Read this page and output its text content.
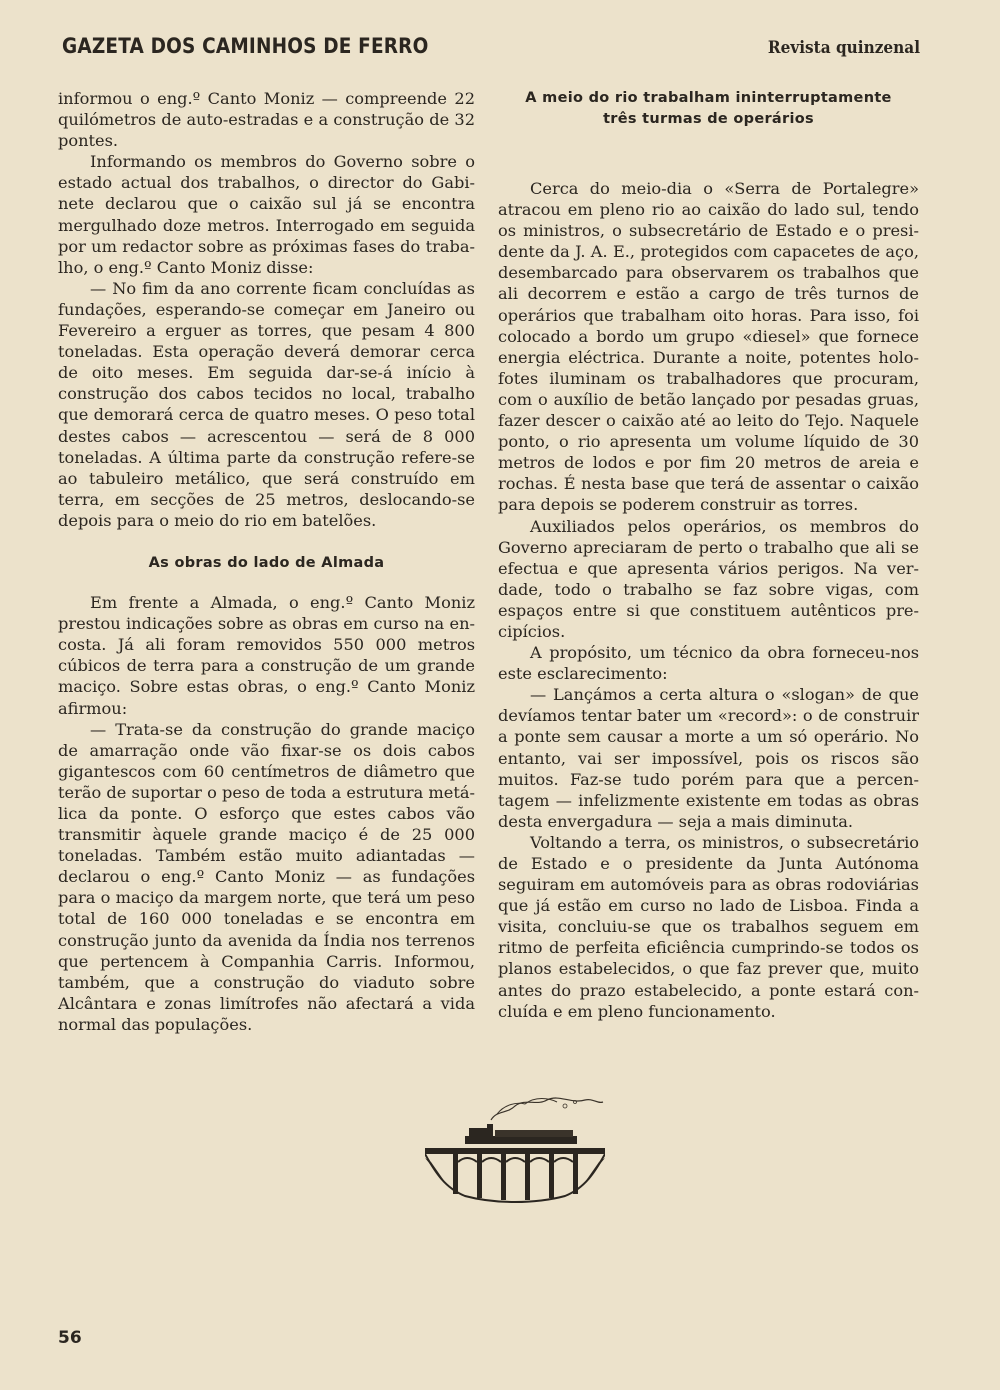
GAZETA DOS CAMINHOS DE FERRO	Revista quinzenal

informou o eng.º Canto Moniz — compreende 22 quilómetros de auto-estradas e a construção de 32 pontes.

Informando os membros do Governo sobre o estado actual dos trabalhos, o director do Gabinete declarou que o caixão sul já se encontra mergulhado doze metros. Interrogado em seguida por um redactor sobre as próximas fases do trabalho, o eng.º Canto Moniz disse:

— No fim da ano corrente ficam concluídas as fundações, esperando-se começar em Janeiro ou Fevereiro a erguer as torres, que pesam 4 800 toneladas. Esta operação deverá demorar cerca de oito meses. Em seguida dar-se-á início à construção dos cabos tecidos no local, trabalho que demorará cerca de quatro meses. O peso total destes cabos — acrescentou — será de 8 000 toneladas. A última parte da construção refere-se ao tabuleiro metálico, que será construído em terra, em secções de 25 metros, deslocando-se depois para o meio do rio em batelões.

As obras do lado de Almada

Em frente a Almada, o eng.º Canto Moniz prestou indicações sobre as obras em curso na encosta. Já ali foram removidos 550 000 metros cúbicos de terra para a construção de um grande maciço. Sobre estas obras, o eng.º Canto Moniz afirmou:

— Trata-se da construção do grande maciço de amarração onde vão fixar-se os dois cabos gigantescos com 60 centímetros de diâmetro que terão de suportar o peso de toda a estrutura metálica da ponte. O esforço que estes cabos vão transmitir àquele grande maciço é de 25 000 toneladas. Também estão muito adiantadas — declarou o eng.º Canto Moniz — as fundações para o maciço da margem norte, que terá um peso total de 160 000 toneladas e se encontra em construção junto da avenida da Índia nos terrenos que pertencem à Companhia Carris. Informou, também, que a construção do viaduto sobre Alcântara e zonas limítrofes não afectará a vida normal das populações.

A meio do rio trabalham ininterruptamente
três turmas de operários

Cerca do meio-dia o «Serra de Portalegre» atracou em pleno rio ao caixão do lado sul, tendo os ministros, o subsecretário de Estado e o presidente da J. A. E., protegidos com capacetes de aço, desembarcado para observarem os trabalhos que ali decorrem e estão a cargo de três turnos de operários que trabalham oito horas. Para isso, foi colocado a bordo um grupo «diesel» que fornece energia eléctrica. Durante a noite, potentes holofotes iluminam os trabalhadores que procuram, com o auxílio de betão lançado por pesadas gruas, fazer descer o caixão até ao leito do Tejo. Naquele ponto, o rio apresenta um volume líquido de 30 metros de lodos e por fim 20 metros de areia e rochas. É nesta base que terá de assentar o caixão para depois se poderem construir as torres.

Auxiliados pelos operários, os membros do Governo apreciaram de perto o trabalho que ali se efectua e que apresenta vários perigos. Na verdade, todo o trabalho se faz sobre vigas, com espaços entre si que constituem autênticos precipícios.

A propósito, um técnico da obra forneceu-nos este esclarecimento:

— Lançámos a certa altura o «slogan» de que devíamos tentar bater um «record»: o de construir a ponte sem causar a morte a um só operário. No entanto, vai ser impossível, pois os riscos são muitos. Faz-se tudo porém para que a percentagem — infelizmente existente em todas as obras desta envergadura — seja a mais diminuta.

Voltando a terra, os ministros, o subsecretário de Estado e o presidente da Junta Autónoma seguiram em automóveis para as obras rodoviárias que já estão em curso no lado de Lisboa. Finda a visita, concluiu-se que os trabalhos seguem em ritmo de perfeita eficiência cumprindo-se todos os planos estabelecidos, o que faz prever que, muito antes do prazo estabelecido, a ponte estará concluída e em pleno funcionamento.

56
